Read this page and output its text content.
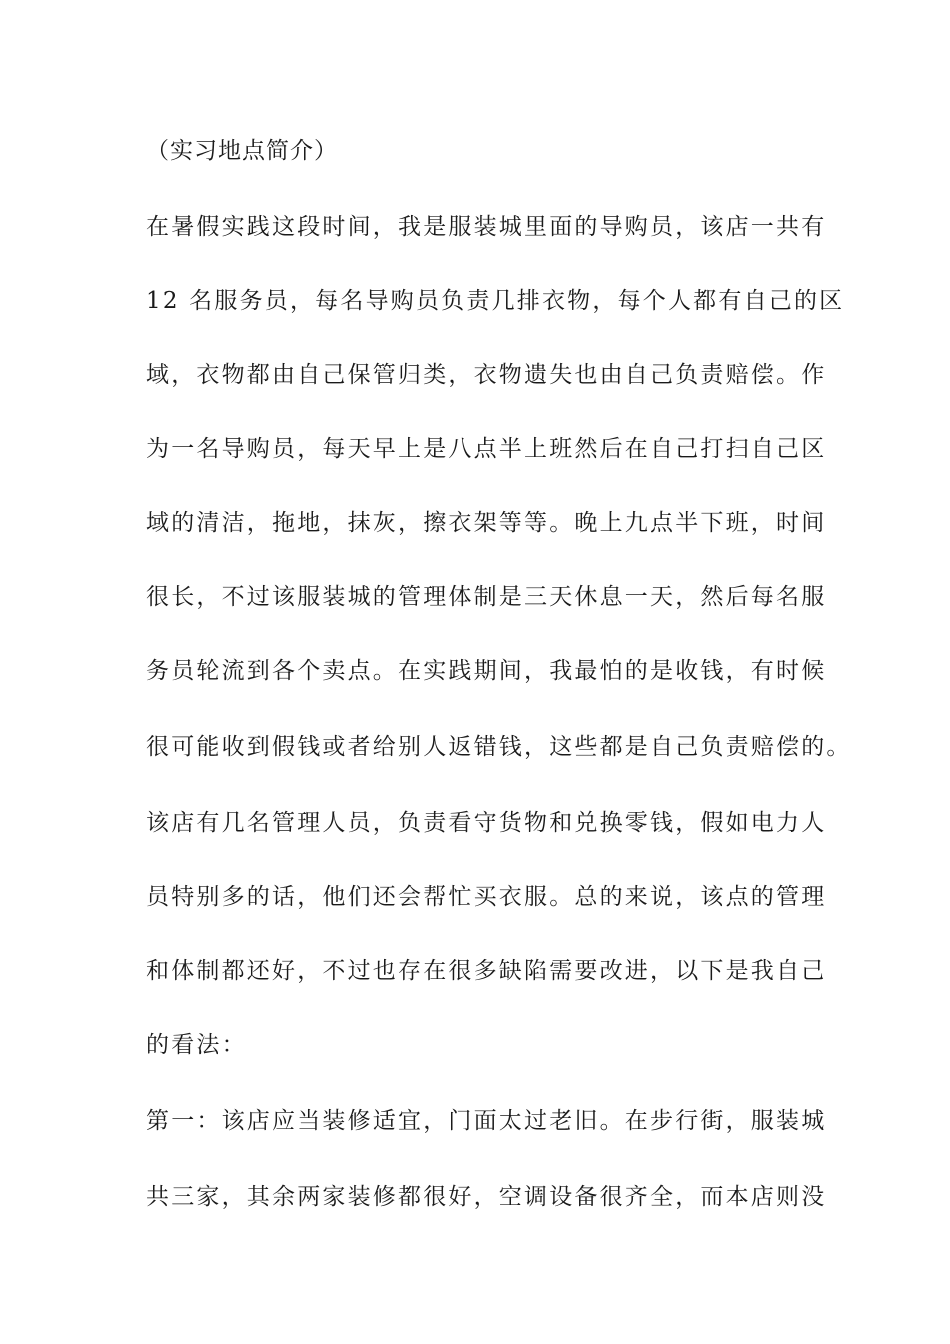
（实习地点简介）
在暑假实践这段时间，我是服装城里面的导购员，该店一共有
12 名服务员，每名导购员负责几排衣物，每个人都有自己的区
域，衣物都由自己保管归类，衣物遗失也由自己负责赔偿。作
为一名导购员，每天早上是八点半上班然后在自己打扫自己区
域的清洁，拖地，抹灰，擦衣架等等。晚上九点半下班，时间
很长，不过该服装城的管理体制是三天休息一天，然后每名服
务员轮流到各个卖点。在实践期间，我最怕的是收钱，有时候
很可能收到假钱或者给别人返错钱，这些都是自己负责赔偿的。
该店有几名管理人员，负责看守货物和兑换零钱，假如电力人
员特别多的话，他们还会帮忙买衣服。总的来说，该点的管理
和体制都还好，不过也存在很多缺陷需要改进，以下是我自己
的看法：
第一：该店应当装修适宜，门面太过老旧。在步行街，服装城
共三家，其余两家装修都很好，空调设备很齐全，而本店则没
